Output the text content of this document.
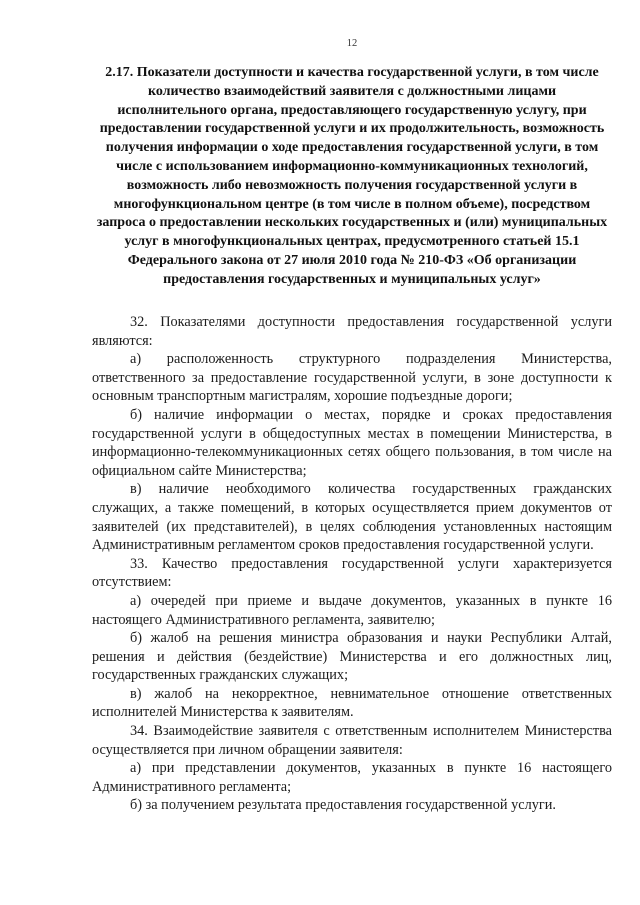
12
2.17. Показатели доступности и качества государственной услуги, в том числе количество взаимодействий заявителя с должностными лицами исполнительного органа, предоставляющего государственную услугу, при предоставлении государственной услуги и их продолжительность, возможность получения информации о ходе предоставления государственной услуги, в том числе с использованием информационно-коммуникационных технологий, возможность либо невозможность получения государственной услуги в многофункциональном центре (в том числе в полном объеме), посредством запроса о предоставлении нескольких государственных и (или) муниципальных услуг в многофункциональных центрах, предусмотренного статьей 15.1 Федерального закона от 27 июля 2010 года № 210-ФЗ «Об организации предоставления государственных и муниципальных услуг»

32. Показателями доступности предоставления государственной услуги являются:

а) расположенность структурного подразделения Министерства, ответственного за предоставление государственной услуги, в зоне доступности к основным транспортным магистралям, хорошие подъездные дороги;

б) наличие информации о местах, порядке и сроках предоставления государственной услуги в общедоступных местах в помещении Министерства, в информационно-телекоммуникационных сетях общего пользования, в том числе на официальном сайте Министерства;

в) наличие необходимого количества государственных гражданских служащих, а также помещений, в которых осуществляется прием документов от заявителей (их представителей), в целях соблюдения установленных настоящим Административным регламентом сроков предоставления государственной услуги.

33. Качество предоставления государственной услуги характеризуется отсутствием:

а) очередей при приеме и выдаче документов, указанных в пункте 16 настоящего Административного регламента, заявителю;

б) жалоб на решения министра образования и науки Республики Алтай, решения и действия (бездействие) Министерства и его должностных лиц, государственных гражданских служащих;

в) жалоб на некорректное, невнимательное отношение ответственных исполнителей Министерства к заявителям.

34. Взаимодействие заявителя с ответственным исполнителем Министерства осуществляется при личном обращении заявителя:

а) при представлении документов, указанных в пункте 16 настоящего Административного регламента;

б) за получением результата предоставления государственной услуги.
